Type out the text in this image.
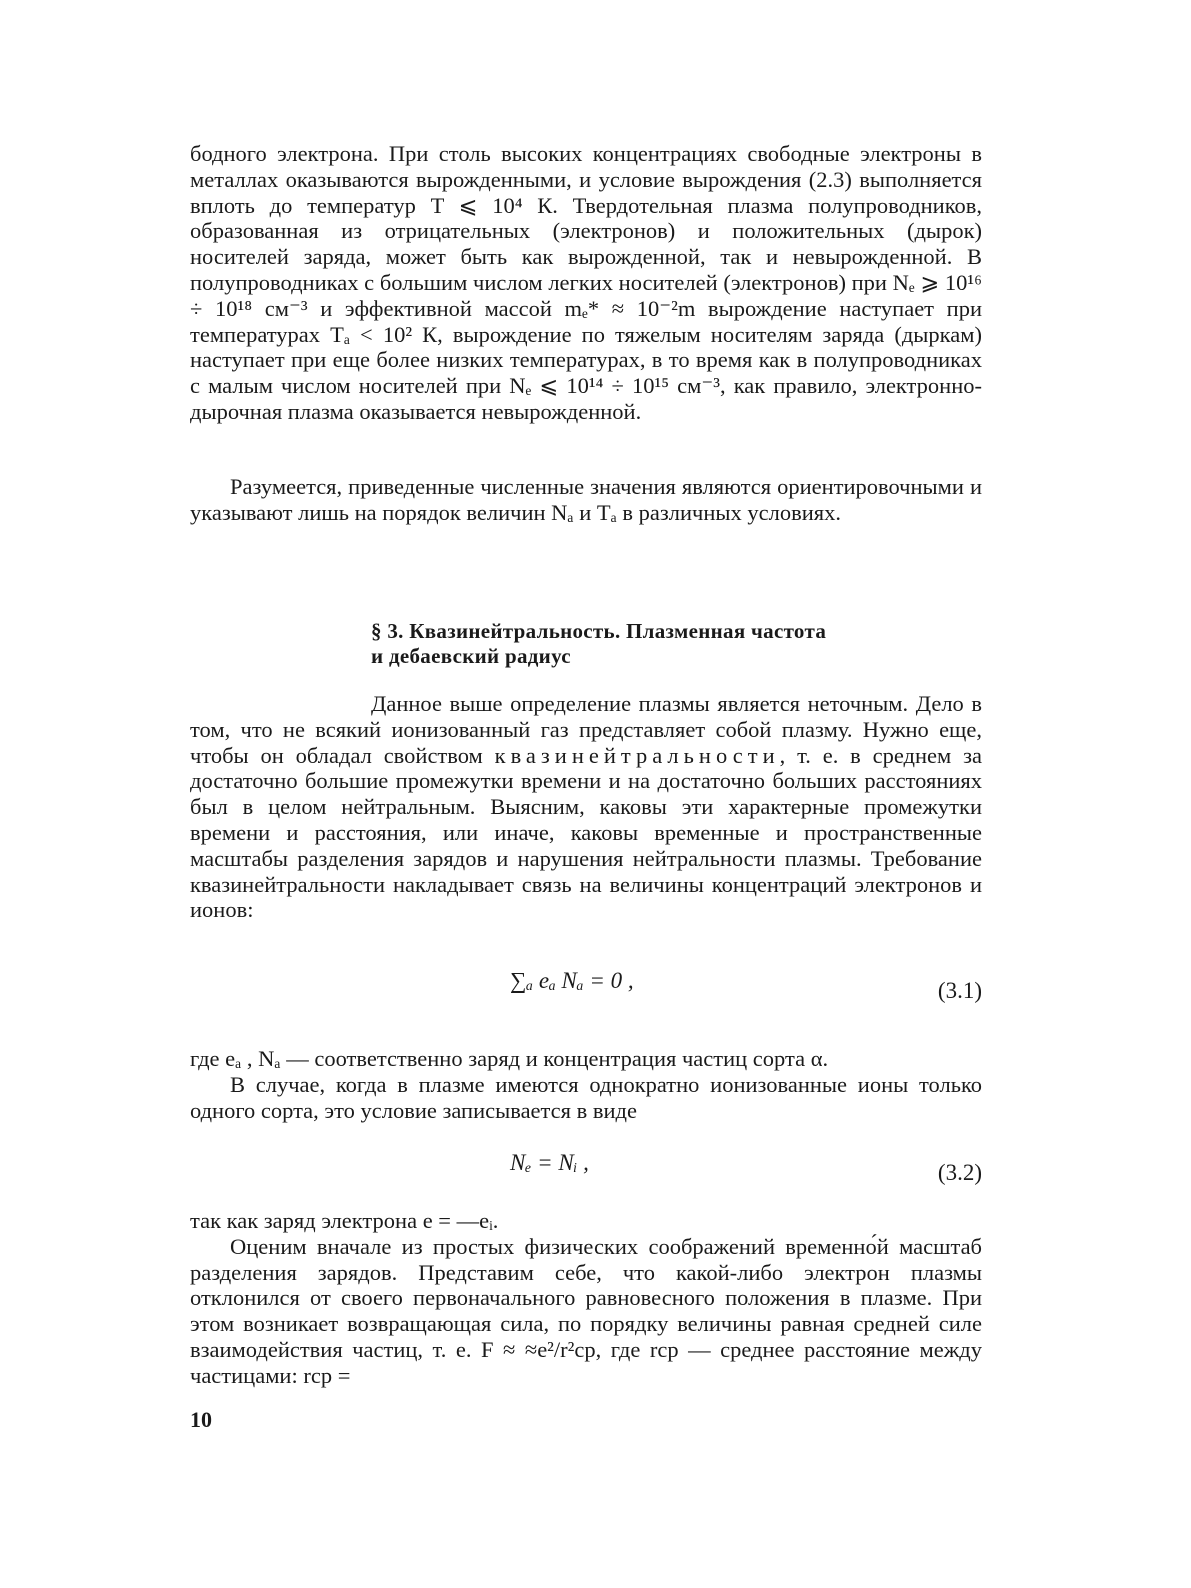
бодного электрона. При столь высоких концентрациях свободные электроны в металлах оказываются вырожденными, и условие вырождения (2.3) выполняется вплоть до температур T ⩽ 10⁴ К. Твердотельная плазма полупроводников, образованная из отрицательных (электронов) и положительных (дырок) носителей заряда, может быть как вырожденной, так и невырожденной. В полупроводниках с большим числом легких носителей (электронов) при Nₑ ⩾ 10¹⁶ ÷ 10¹⁸ см⁻³ и эффективной массой mₑ* ≈ 10⁻²m вырождение наступает при температурах Tₐ < 10² К, вырождение по тяжелым носителям заряда (дыркам) наступает при еще более низких температурах, в то время как в полупроводниках с малым числом носителей при Nₑ ⩽ 10¹⁴ ÷ 10¹⁵ см⁻³, как правило, электронно-дырочная плазма оказывается невырожденной.

Разумеется, приведенные численные значения являются ориентировочными и указывают лишь на порядок величин Nₐ и Tₐ в различных условиях.

§ 3. Квазинейтральность. Плазменная частота
и дебаевский радиус

Данное выше определение плазмы является неточным. Дело в том, что не всякий ионизованный газ представляет собой плазму. Нужно еще, чтобы он обладал свойством квазинейтральности, т. е. в среднем за достаточно большие промежутки времени и на достаточно больших расстояниях был в целом нейтральным. Выясним, каковы эти характерные промежутки времени и расстояния, или иначе, каковы временные и пространственные масштабы разделения зарядов и нарушения нейтральности плазмы. Требование квазинейтральности накладывает связь на величины концентраций электронов и ионов:

∑ₐ eₐ Nₐ = 0 ,	(3.1)

где eₐ , Nₐ — соответственно заряд и концентрация частиц сорта α.

В случае, когда в плазме имеются однократно ионизованные ионы только одного сорта, это условие записывается в виде

Nₑ = Nᵢ ,	(3.2)

так как заряд электрона e = —eᵢ.

Оценим вначале из простых физических соображений временно́й масштаб разделения зарядов. Представим себе, что какой-либо электрон плазмы отклонился от своего первоначального равновесного положения в плазме. При этом возникает возвращающая сила, по порядку величины равная средней силе взаимодействия частиц, т. е. F ≈ ≈e²/r²ср, где rср — среднее расстояние между частицами: rср =

10
